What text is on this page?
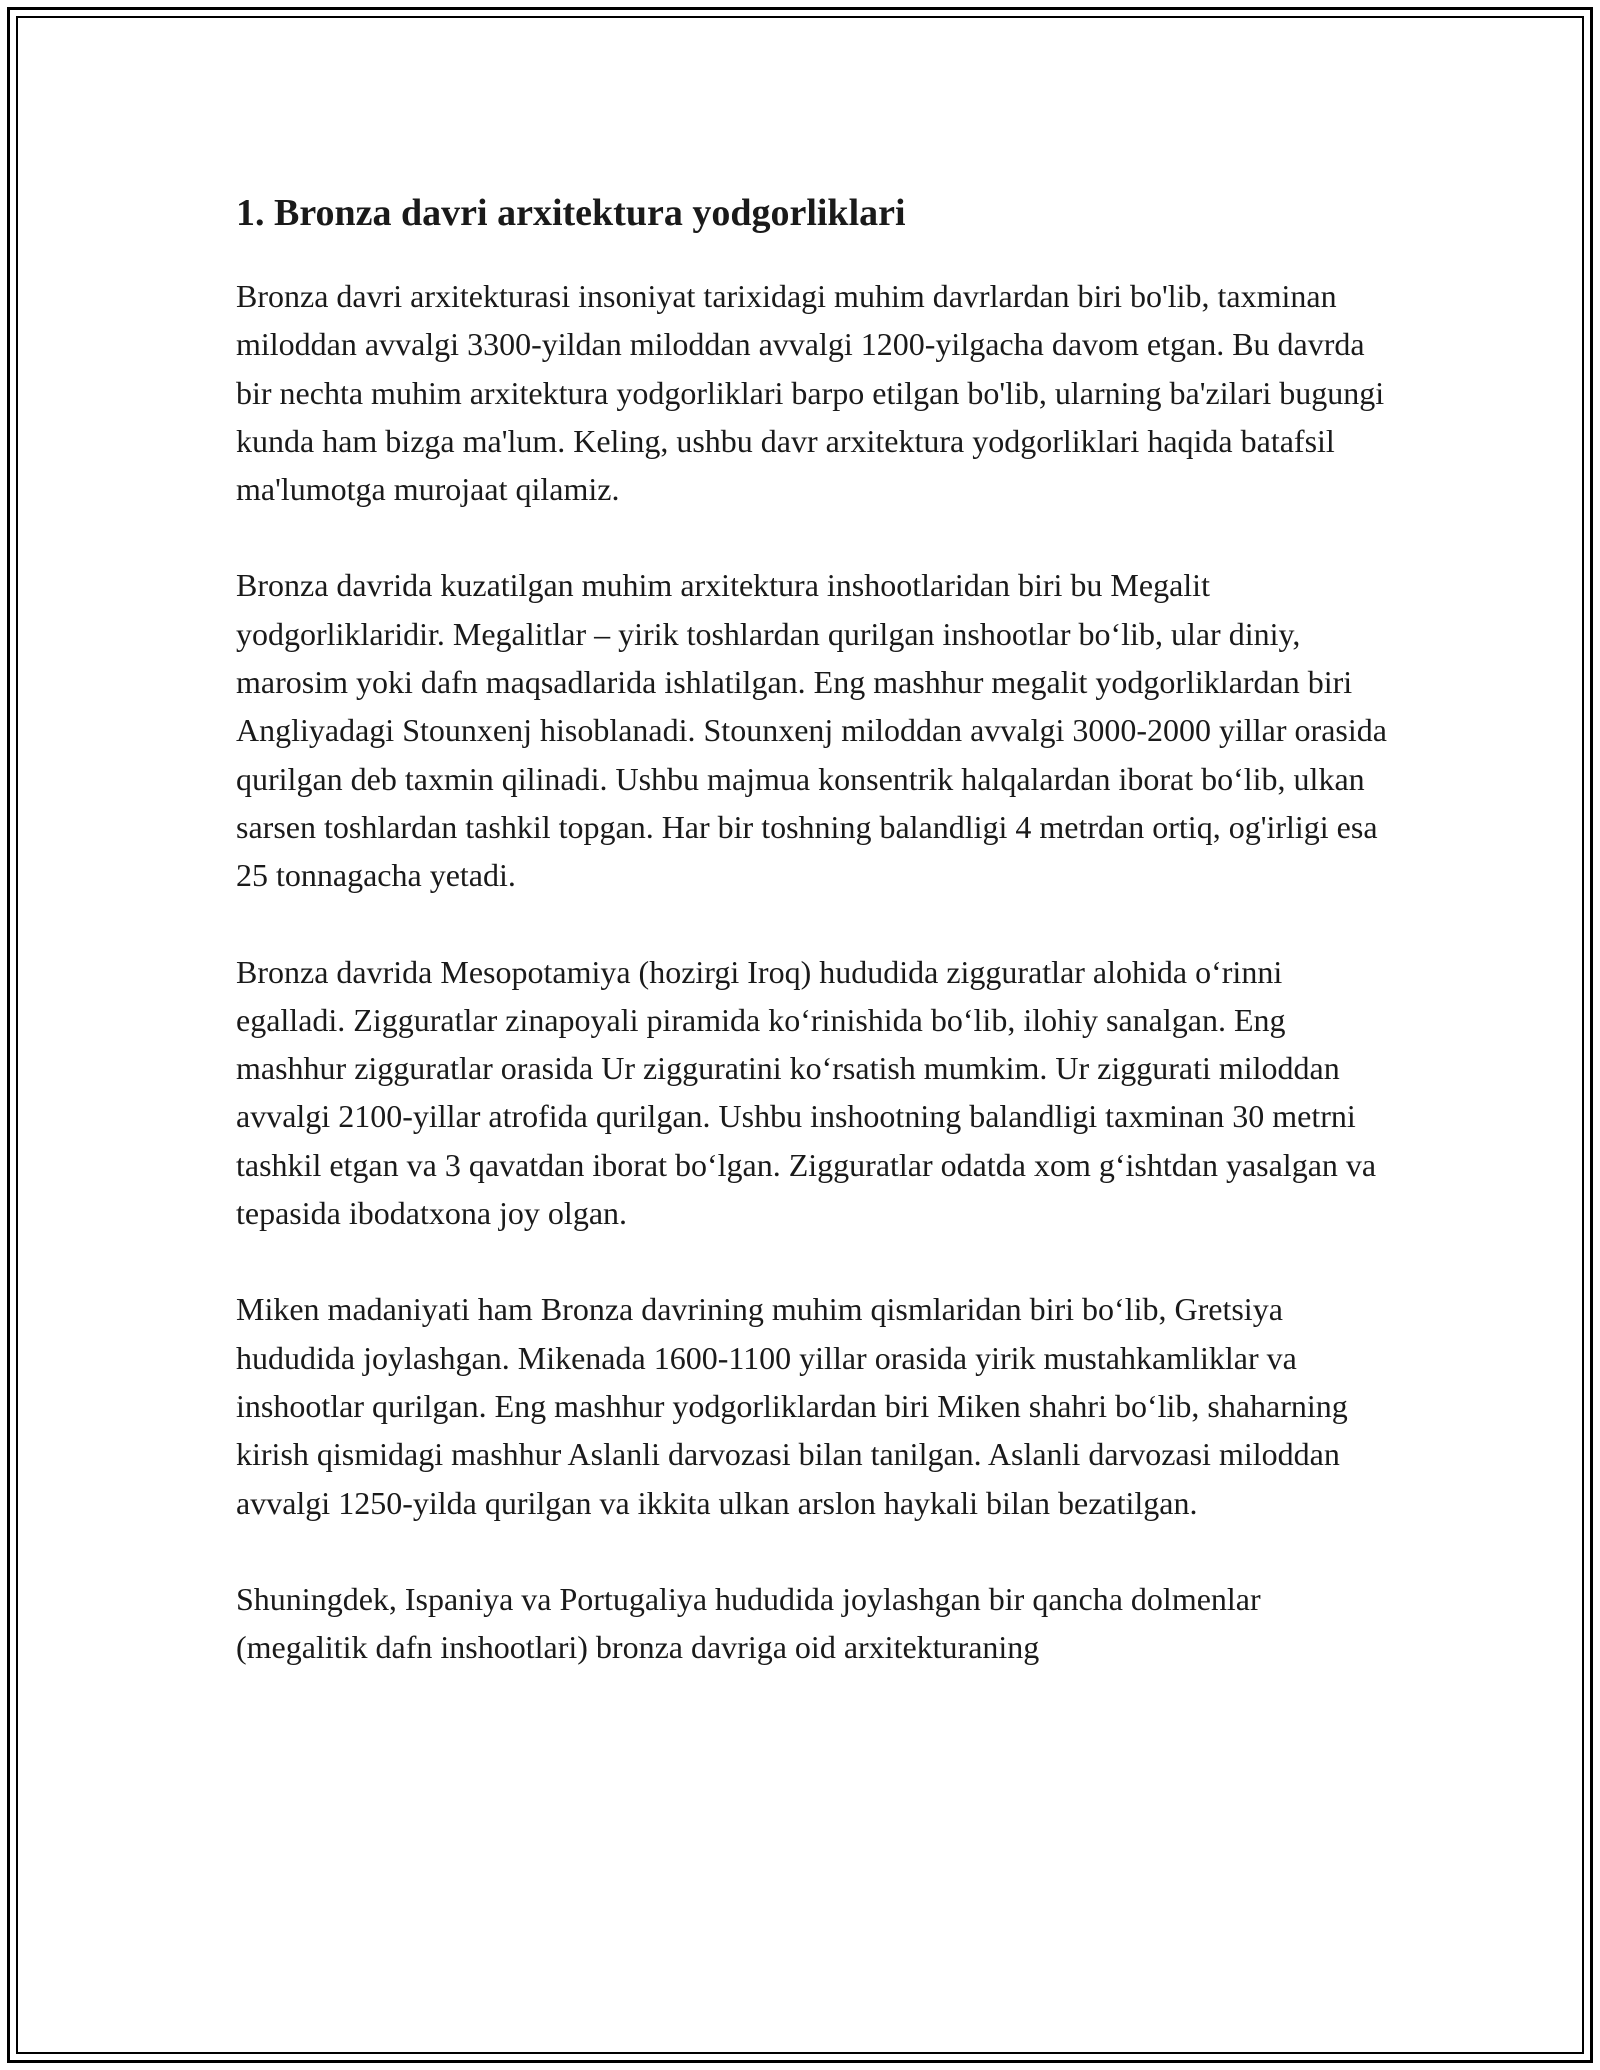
1. Bronza davri arxitektura yodgorliklari

Bronza davri arxitekturasi insoniyat tarixidagi muhim davrlardan biri bo'lib, taxminan miloddan avvalgi 3300-yildan miloddan avvalgi 1200-yilgacha davom etgan. Bu davrda bir nechta muhim arxitektura yodgorliklari barpo etilgan bo'lib, ularning ba'zilari bugungi kunda ham bizga ma'lum. Keling, ushbu davr arxitektura yodgorliklari haqida batafsil ma'lumotga murojaat qilamiz.

Bronza davrida kuzatilgan muhim arxitektura inshootlaridan biri bu Megalit yodgorliklaridir. Megalitlar – yirik toshlardan qurilgan inshootlar bo‘lib, ular diniy, marosim yoki dafn maqsadlarida ishlatilgan. Eng mashhur megalit yodgorliklardan biri Angliyadagi Stounxenj hisoblanadi. Stounxenj miloddan avvalgi 3000-2000 yillar orasida qurilgan deb taxmin qilinadi. Ushbu majmua konsentrik halqalardan iborat bo‘lib, ulkan sarsen toshlardan tashkil topgan. Har bir toshning balandligi 4 metrdan ortiq, og'irligi esa 25 tonnagacha yetadi.

Bronza davrida Mesopotamiya (hozirgi Iroq) hududida zigguratlar alohida o‘rinni egalladi. Zigguratlar zinapoyali piramida ko‘rinishida bo‘lib, ilohiy sanalgan. Eng mashhur zigguratlar orasida Ur zigguratini ko‘rsatish mumkim. Ur ziggurati miloddan avvalgi 2100-yillar atrofida qurilgan. Ushbu inshootning balandligi taxminan 30 metrni tashkil etgan va 3 qavatdan iborat bo‘lgan. Zigguratlar odatda xom g‘ishtdan yasalgan va tepasida ibodatxona joy olgan.

Miken madaniyati ham Bronza davrining muhim qismlaridan biri bo‘lib, Gretsiya hududida joylashgan. Mikenada 1600-1100 yillar orasida yirik mustahkamliklar va inshootlar qurilgan. Eng mashhur yodgorliklardan biri Miken shahri bo‘lib, shaharning kirish qismidagi mashhur Aslanli darvozasi bilan tanilgan. Aslanli darvozasi miloddan avvalgi 1250-yilda qurilgan va ikkita ulkan arslon haykali bilan bezatilgan.

Shuningdek, Ispaniya va Portugaliya hududida joylashgan bir qancha dolmenlar (megalitik dafn inshootlari) bronza davriga oid arxitekturaning
